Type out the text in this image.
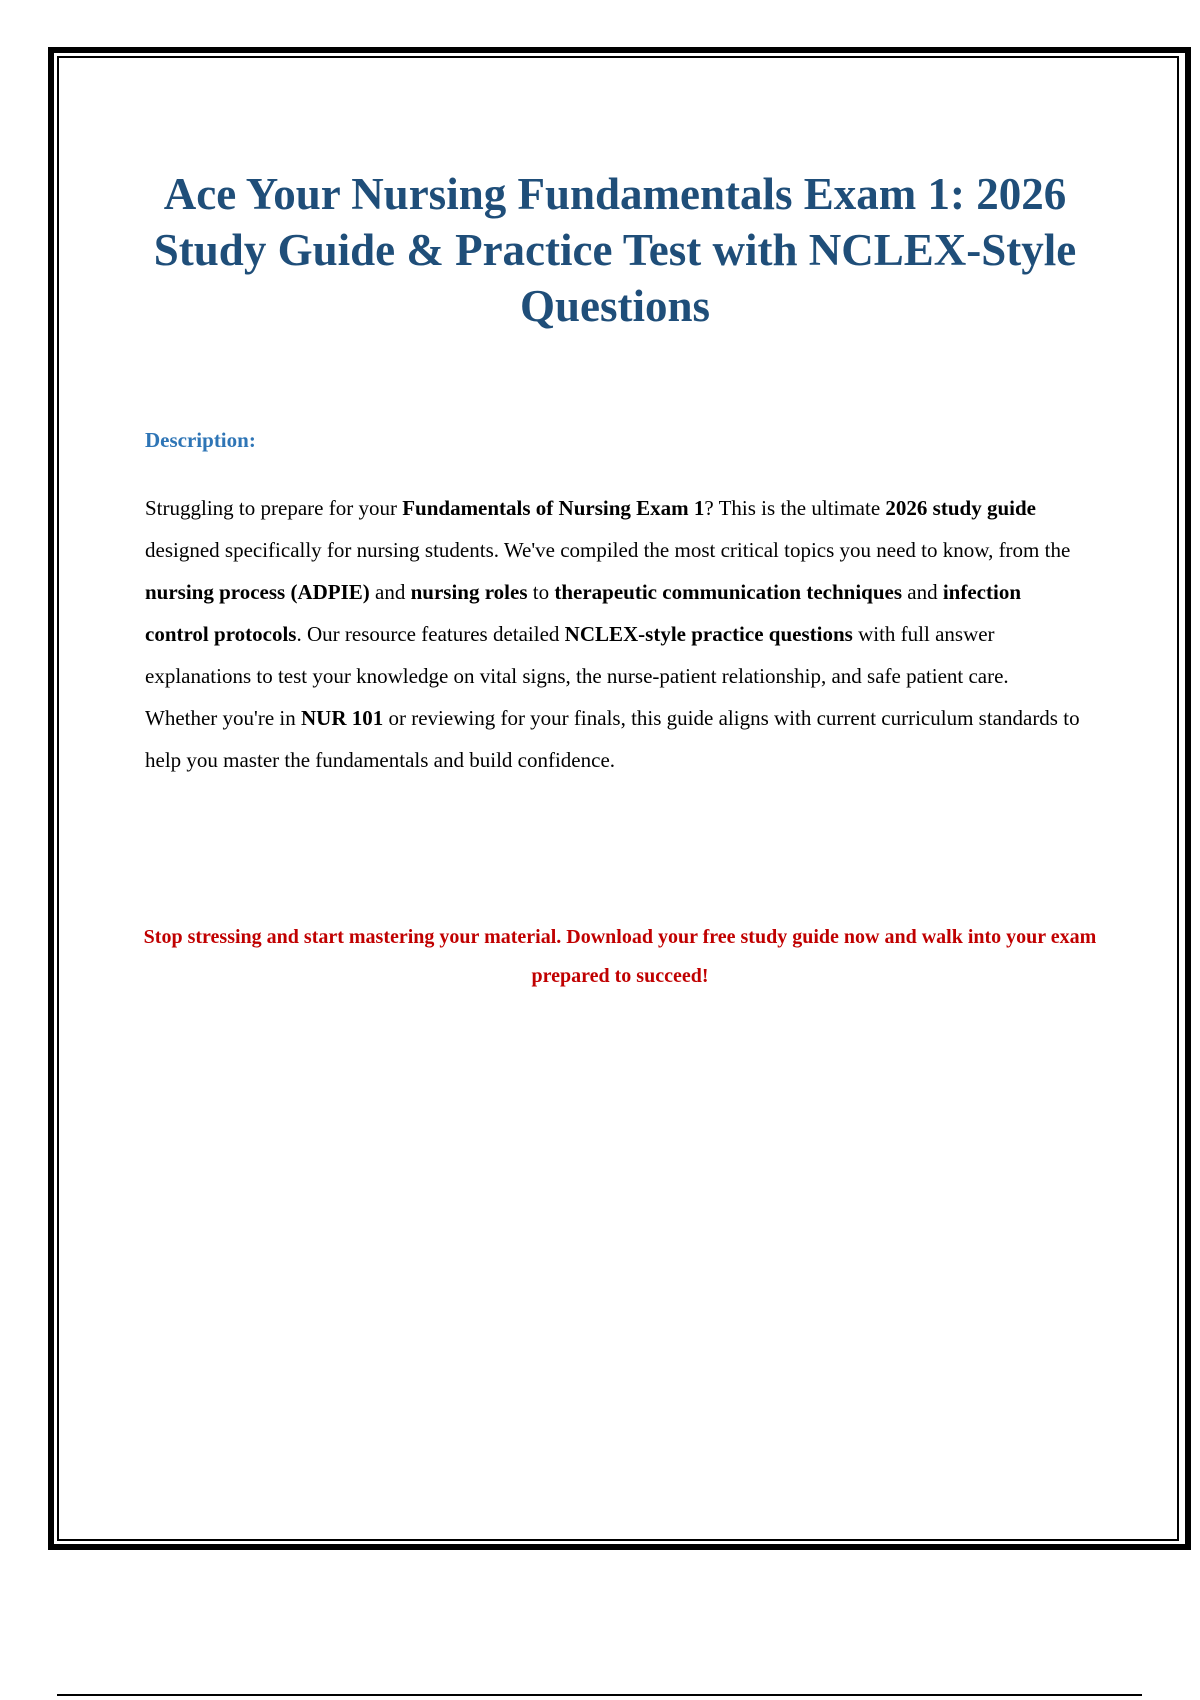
Ace Your Nursing Fundamentals Exam 1: 2026 Study Guide & Practice Test with NCLEX-Style Questions

Description:

Struggling to prepare for your Fundamentals of Nursing Exam 1? This is the ultimate 2026 study guide designed specifically for nursing students. We've compiled the most critical topics you need to know, from the nursing process (ADPIE) and nursing roles to therapeutic communication techniques and infection control protocols. Our resource features detailed NCLEX-style practice questions with full answer explanations to test your knowledge on vital signs, the nurse-patient relationship, and safe patient care. Whether you're in NUR 101 or reviewing for your finals, this guide aligns with current curriculum standards to help you master the fundamentals and build confidence.

Stop stressing and start mastering your material. Download your free study guide now and walk into your exam prepared to succeed!
